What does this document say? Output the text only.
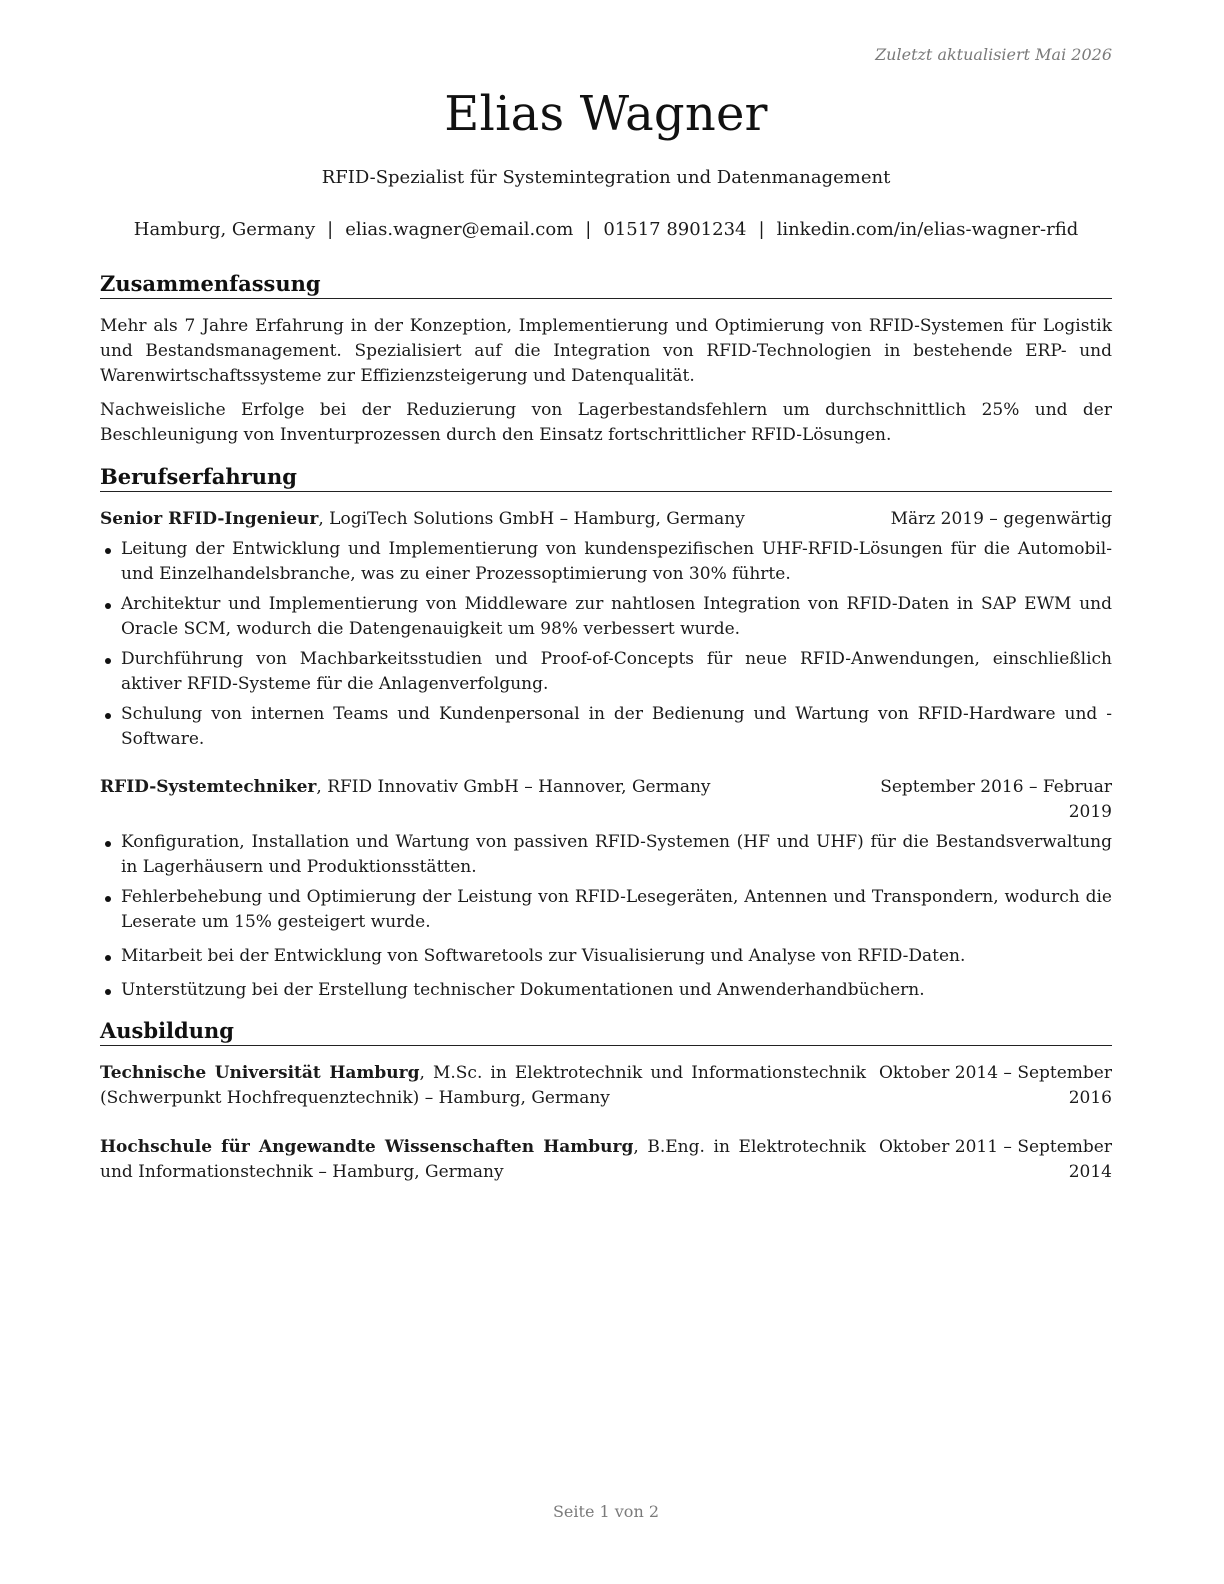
Zuletzt aktualisiert Mai 2026
Elias Wagner
RFID-Spezialist für Systemintegration und Datenmanagement
Hamburg, Germany | elias.wagner@email.com | 01517 8901234 | linkedin.com/in/elias-wagner-rfid
Zusammenfassung

Mehr als 7 Jahre Erfahrung in der Konzeption, Implementierung und Optimierung von RFID-Systemen für Logistik und Bestandsmanagement. Spezialisiert auf die Integration von RFID-Technologien in bestehende ERP- und Warenwirtschaftssysteme zur Effizienzsteigerung und Datenqualität.

Nachweisliche Erfolge bei der Reduzierung von Lagerbestandsfehlern um durchschnittlich 25% und der Beschleunigung von Inventurprozessen durch den Einsatz fortschrittlicher RFID-Lösungen.

Berufserfahrung
Senior RFID-Ingenieur, LogiTech Solutions GmbH – Hamburg, Germany	März 2019 – gegenwärtig
Leitung der Entwicklung und Implementierung von kundenspezifischen UHF-RFID-Lösungen für die Automobil- und Einzelhandelsbranche, was zu einer Prozessoptimierung von 30% führte.
Architektur und Implementierung von Middleware zur nahtlosen Integration von RFID-Daten in SAP EWM und Oracle SCM, wodurch die Datengenauigkeit um 98% verbessert wurde.
Durchführung von Machbarkeitsstudien und Proof-of-Concepts für neue RFID-Anwendungen, einschließlich aktiver RFID-Systeme für die Anlagenverfolgung.
Schulung von internen Teams und Kundenpersonal in der Bedienung und Wartung von RFID-Hardware und -Software.
RFID-Systemtechniker, RFID Innovativ GmbH – Hannover, Germany	September 2016 – Februar 2019
Konfiguration, Installation und Wartung von passiven RFID-Systemen (HF und UHF) für die Bestandsverwaltung in Lagerhäusern und Produktionsstätten.
Fehlerbehebung und Optimierung der Leistung von RFID-Lesegeräten, Antennen und Transpondern, wodurch die Leserate um 15% gesteigert wurde.
Mitarbeit bei der Entwicklung von Softwaretools zur Visualisierung und Analyse von RFID-Daten.
Unterstützung bei der Erstellung technischer Dokumentationen und Anwenderhandbüchern.
Ausbildung
Technische Universität Hamburg, M.Sc. in Elektrotechnik und Informationstechnik (Schwerpunkt Hochfrequenztechnik) – Hamburg, Germany
Oktober 2014 – September 2016
Hochschule für Angewandte Wissenschaften Hamburg, B.Eng. in Elektrotechnik und Informationstechnik – Hamburg, Germany
Oktober 2011 – September 2014
Seite 1 von 2
